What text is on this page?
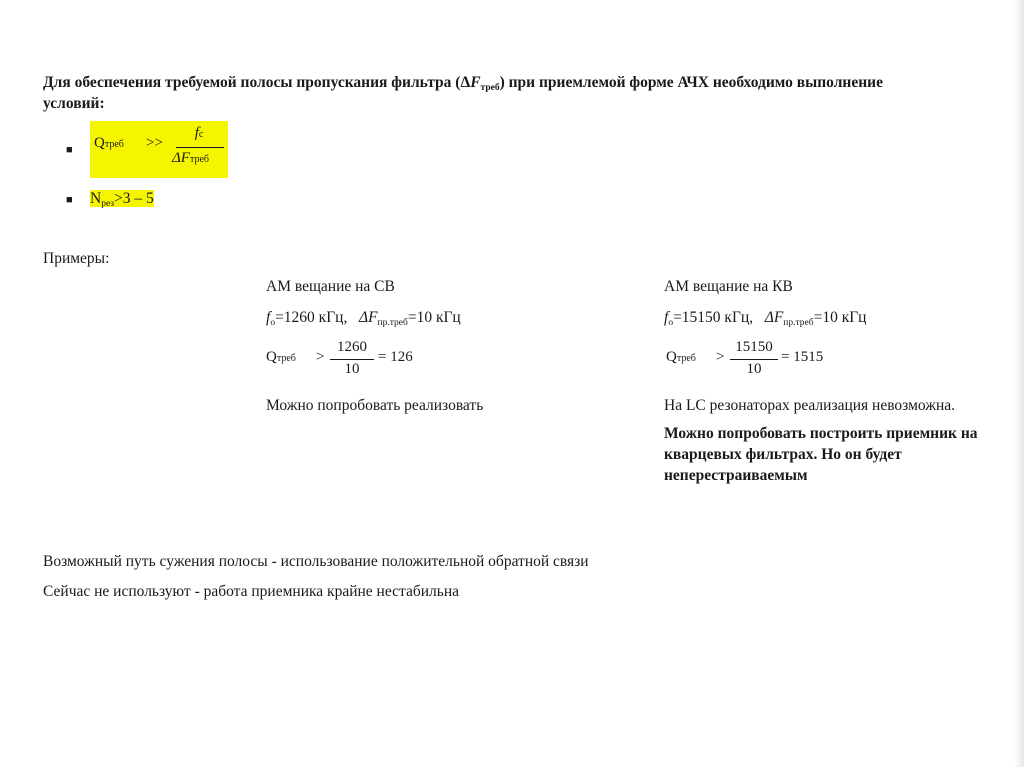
Для обеспечения требуемой полосы пропускания фильтра $(\Delta F_{треб})$ при приемлемой форме АЧХ необходимо выполнение
условий:
■ Qтреб >>
fc
ΔFтреб
■ $N_{рез}>3 - 5$
Примеры:
АМ вещание на СВ
$f_o=1260$ кГц, $\Delta F_{пр.треб}=10$ кГц
Qтреб >
1260
10
= 126
Можно попробовать реализовать
АМ вещание на КВ
$f_o=15150$ кГц, $\Delta F_{пр.треб}=10$ кГц
Qтреб >
15150
10
= 1515
На LC резонаторах реализация невозможна.
Можно попробовать построить приемник на
кварцевых фильтрах. Но он будет
неперестраиваемым
Возможный путь сужения полосы - использование положительной обратной связи
Сейчас не используют - работа приемника крайне нестабильна
